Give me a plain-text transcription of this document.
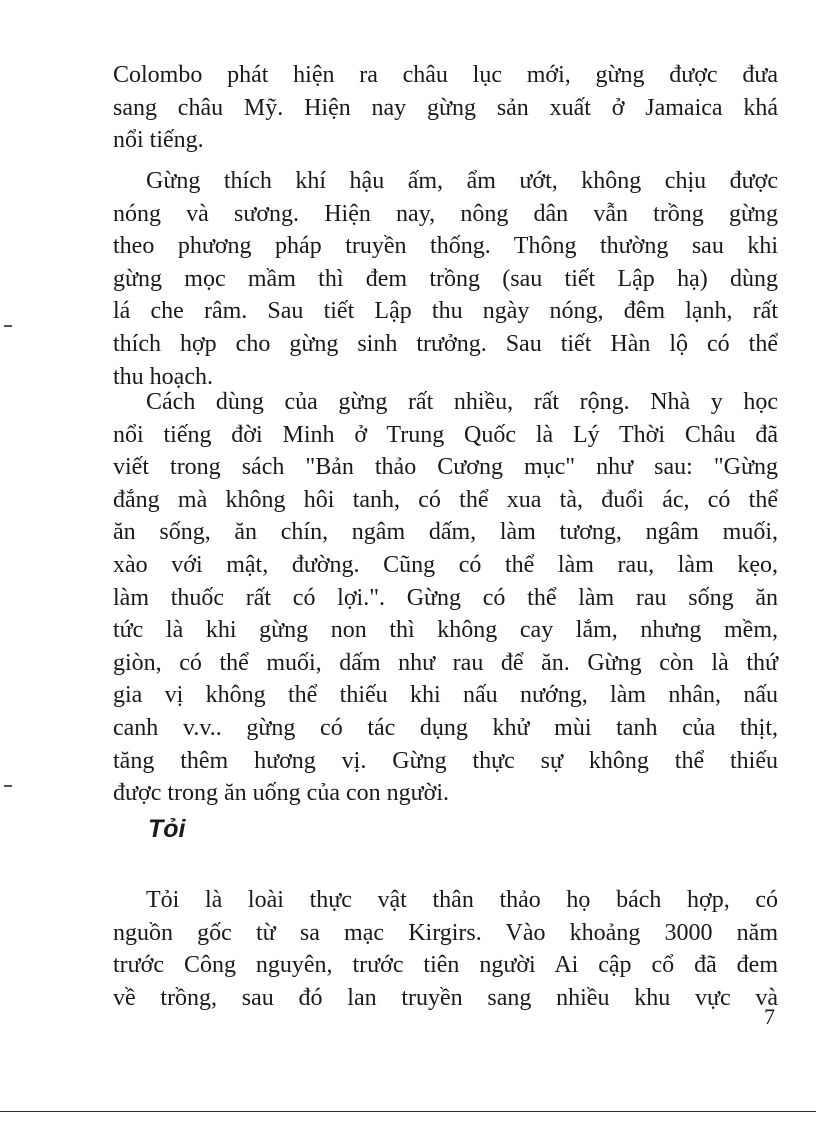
Colombo phát hiện ra châu lục mới, gừng được đưa
sang châu Mỹ. Hiện nay gừng sản xuất ở Jamaica khá
nổi tiếng.
Gừng thích khí hậu ấm, ẩm ướt, không chịu được
nóng và sương. Hiện nay, nông dân vẫn trồng gừng
theo phương pháp truyền thống. Thông thường sau khi
gừng mọc mầm thì đem trồng (sau tiết Lập hạ) dùng
lá che râm. Sau tiết Lập thu ngày nóng, đêm lạnh, rất
thích hợp cho gừng sinh trưởng. Sau tiết Hàn lộ có thể
thu hoạch.
Cách dùng của gừng rất nhiều, rất rộng. Nhà y học
nổi tiếng đời Minh ở Trung Quốc là Lý Thời Châu đã
viết trong sách "Bản thảo Cương mục" như sau: "Gừng
đắng mà không hôi tanh, có thể xua tà, đuổi ác, có thể
ăn sống, ăn chín, ngâm dấm, làm tương, ngâm muối,
xào với mật, đường. Cũng có thể làm rau, làm kẹo,
làm thuốc rất có lợi.". Gừng có thể làm rau sống ăn
tức là khi gừng non thì không cay lắm, nhưng mềm,
giòn, có thể muối, dấm như rau để ăn. Gừng còn là thứ
gia vị không thể thiếu khi nấu nướng, làm nhân, nấu
canh v.v.. gừng có tác dụng khử mùi tanh của thịt,
tăng thêm hương vị. Gừng thực sự không thể thiếu
được trong ăn uống của con người.
Tỏi
Tỏi là loài thực vật thân thảo họ bách hợp, có
nguồn gốc từ sa mạc Kirgirs. Vào khoảng 3000 năm
trước Công nguyên, trước tiên người Ai cập cổ đã đem
về trồng, sau đó lan truyền sang nhiều khu vực và
7
